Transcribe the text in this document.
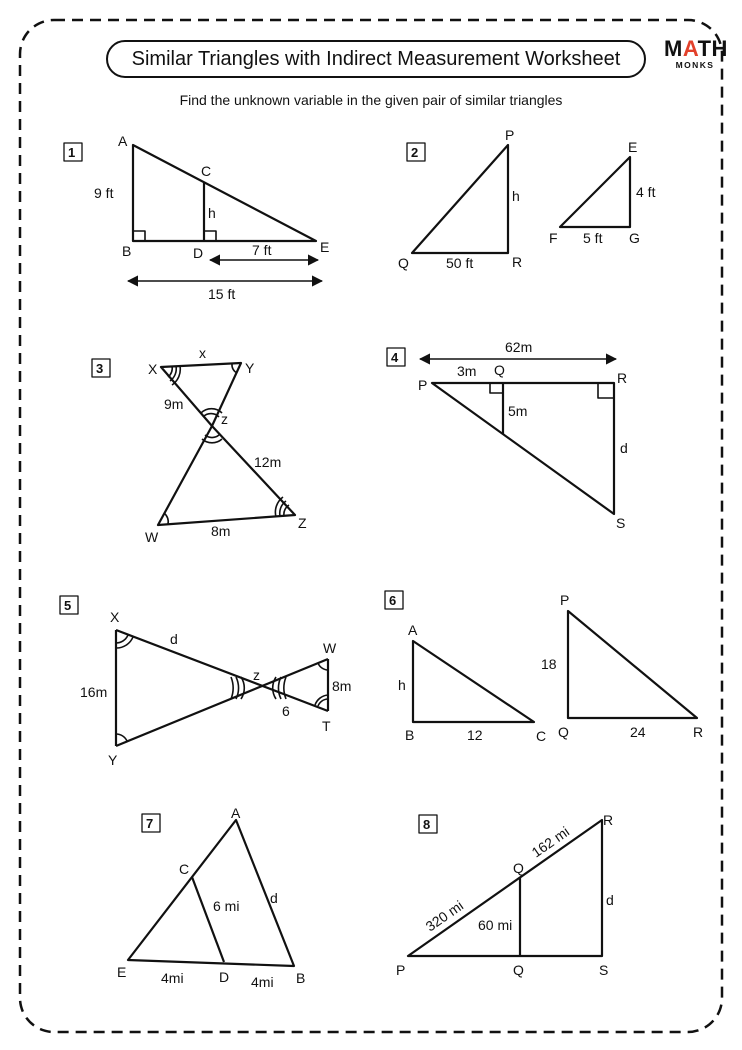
Similar Triangles with Indirect Measurement Worksheet MATH
MONKS
Find the unknown variable in the given pair of similar triangles
1	2
3
4
5	6
7	8
A
C
B	D	E
9 ft
h
7 ft
15 ft
P
Q	R
h
50 ft
E
F	G
4 ft
5 ft
X	Y
x
9m
z
12m
W
Z
8m
62m
3m Q
P	R
5m
d
S
X
d
16m
Y
z
6
W
8m
T
A
h
B	12	C
P
18
Q	24	R
A
C
6 mi d
E 4mi	D 4mi B
R
Q
162 mi
320 mi 60 mi
d
P	Q	S
